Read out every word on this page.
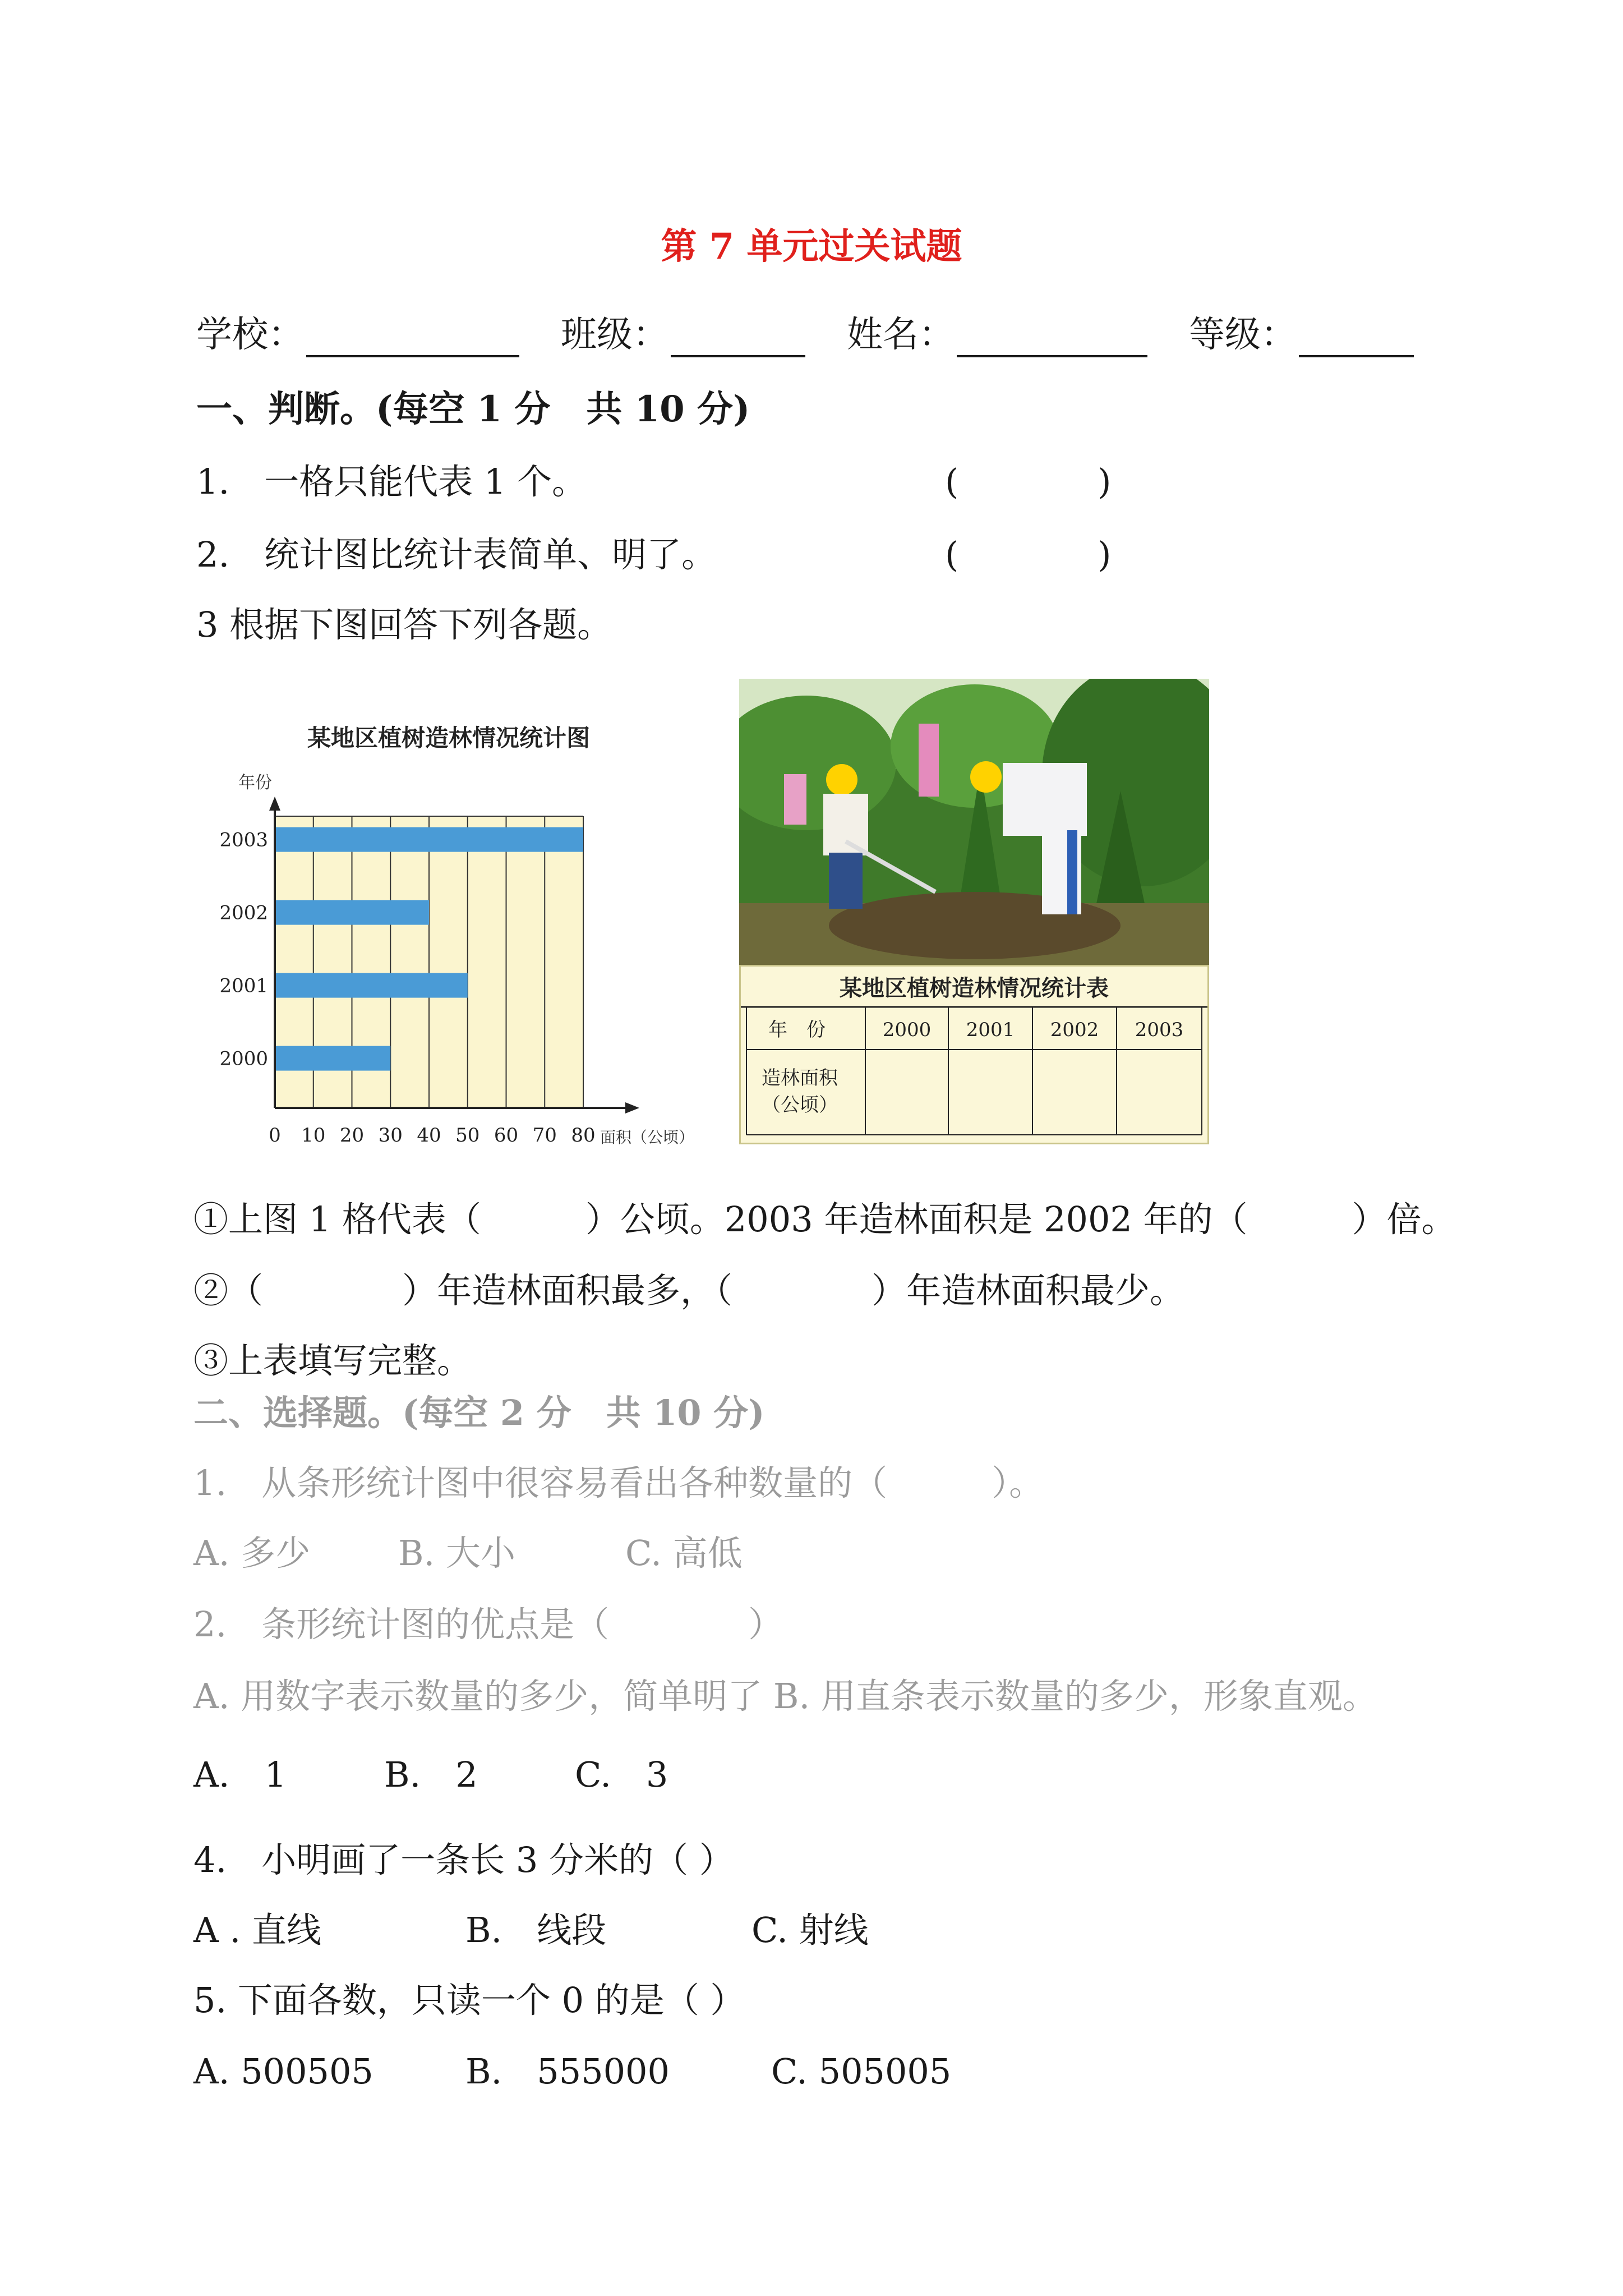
第 7 单元过关试题
学校：	班级：	姓名：	等级：
一、判断。(每空 1 分　共 10 分)
1.　一格只能代表 1 个。	(　　　　)
2.　统计图比统计表简单、明了。	(　　　　)
3 根据下图回答下列各题。
某地区植树造林情况统计图
年份
2003
2002
2001
2000
0 10 20 30 40 50 60 70 80 面积（公顷）
某地区植树造林情况统计表
年　份	2000 2001 2002 2003
造林面积
（公顷）
①上图 1 格代表（　　　）公顷。2003 年造林面积是 2002 年的（　　　）倍。
②（　　　　）年造林面积最多，（　　　　）年造林面积最少。
③上表填写完整。
二、选择题。(每空 2 分　共 10 分)
1.　从条形统计图中很容易看出各种数量的（　　　）。
A. 多少	B. 大小	C. 高低
2.　条形统计图的优点是（　　　　）
A. 用数字表示数量的多少，简单明了 B. 用直条表示数量的多少，形象直观。
A.　1	B.　2	C.　3
4.　小明画了一条长 3 分米的（ ）
A . 直线	B.　线段	C. 射线
5. 下面各数，只读一个 0 的是（ ）
A. 500505	B.　555000	C. 505005
